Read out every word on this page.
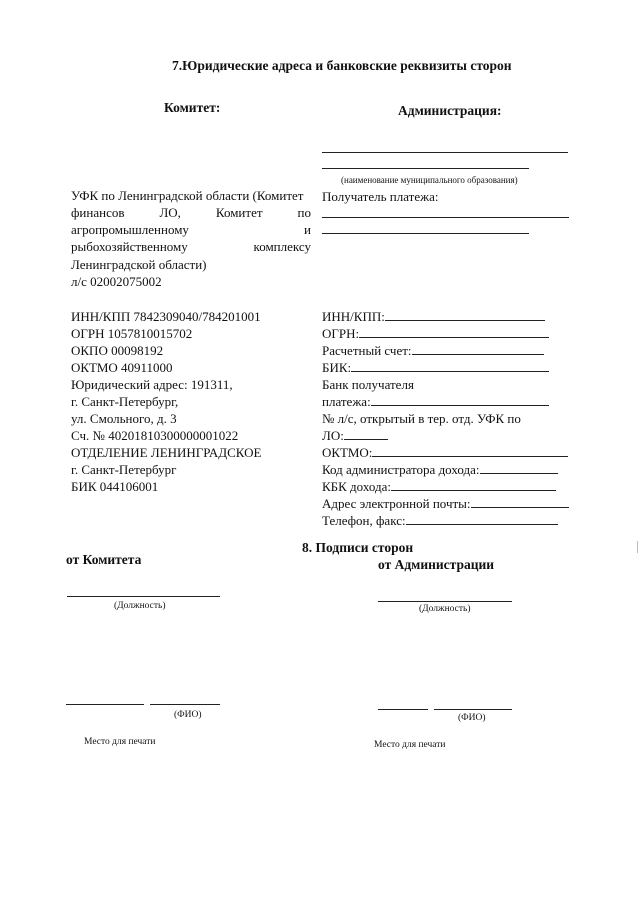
7.Юридические адреса и банковские реквизиты сторон
Комитет:	Администрация:
УФК по Ленинградской области (Комитет
финансов	ЛО,	Комитет	по
агропромышленному	и
рыбохозяйственному	комплексу
Ленинградской области)
л/с 02002075002
ИНН/КПП 7842309040/784201001
ОГРН 1057810015702
ОКПО 00098192
ОКТМО 40911000
Юридический адрес: 191311,
г. Санкт-Петербург,
ул. Смольного, д. 3
Сч. № 40201810300000001022
ОТДЕЛЕНИЕ ЛЕНИНГРАДСКОЕ
г. Санкт-Петербург
БИК 044106001
(наименование муниципального образования)
Получатель платежа:
ИНН/КПП:
ОГРН:
Расчетный счет:
БИК:
Банк получателя
платежа:
№ л/с, открытый в тер. отд. УФК по
ЛО:
ОКТМО:
Код администратора дохода:
КБК дохода:
Адрес электронной почты:
Телефон, факс:
8. Подписи сторон
от Комитета	от Администрации
(Должность)
(ФИО)
Место для печати
(Должность)
(ФИО)
Место для печати
